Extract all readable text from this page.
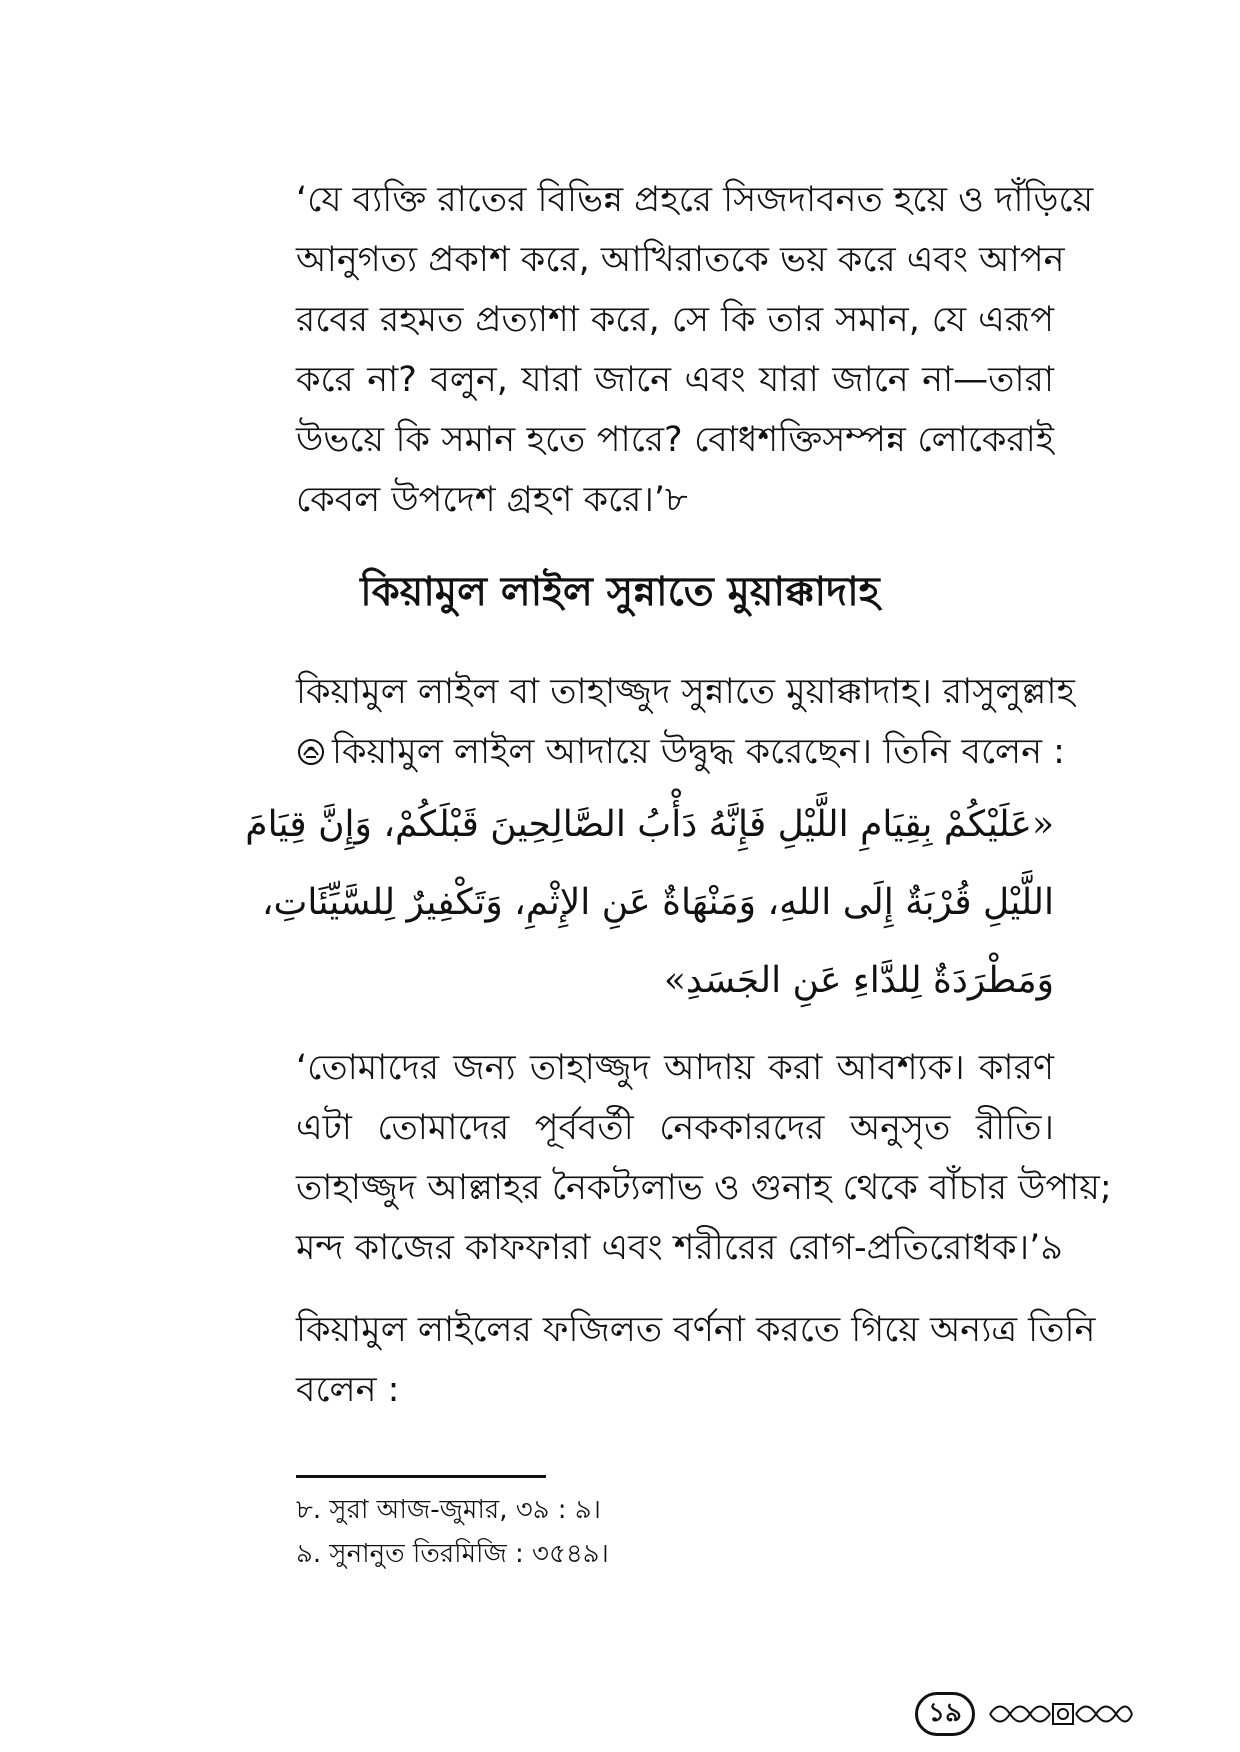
‘যে ব্যক্তি রাতের বিভিন্ন প্রহরে সিজদাবনত হয়ে ও দাঁড়িয়ে
আনুগত্য প্রকাশ করে, আখিরাতকে ভয় করে এবং আপন
রবের রহমত প্রত্যাশা করে, সে কি তার সমান, যে এরূপ
করে না? বলুন, যারা জানে এবং যারা জানে না—তারা
উভয়ে কি সমান হতে পারে? বোধশক্তিসম্পন্ন লোকেরাই
কেবল উপদেশ গ্রহণ করে।’৮

কিয়ামুল লাইল সুন্নাতে মুয়াক্কাদাহ

কিয়ামুল লাইল বা তাহাজ্জুদ সুন্নাতে মুয়াক্কাদাহ। রাসুলুল্লাহ
কিয়ামুল লাইল আদায়ে উদ্বুদ্ধ করেছেন। তিনি বলেন :

«عَلَيْكُمْ بِقِيَامِ اللَّيْلِ فَإِنَّهُ دَأْبُ الصَّالِحِينَ قَبْلَكُمْ، وَإِنَّ قِيَامَ
اللَّيْلِ قُرْبَةٌ إِلَى اللهِ، وَمَنْهَاةٌ عَنِ الإِثْمِ، وَتَكْفِيرٌ لِلسَّيِّئَاتِ،
وَمَطْرَدَةٌ لِلدَّاءِ عَنِ الجَسَدِ»

‘তোমাদের জন্য তাহাজ্জুদ আদায় করা আবশ্যক। কারণ
এটা তোমাদের পূর্ববর্তী নেককারদের অনুসৃত রীতি।
তাহাজ্জুদ আল্লাহর নৈকট্যলাভ ও গুনাহ থেকে বাঁচার উপায়;
মন্দ কাজের কাফফারা এবং শরীরের রোগ-প্রতিরোধক।’৯

কিয়ামুল লাইলের ফজিলত বর্ণনা করতে গিয়ে অন্যত্র তিনি
বলেন :

৮. সুরা আজ-জুমার, ৩৯ : ৯।

৯. সুনানুত তিরমিজি : ৩৫৪৯।

১৯
